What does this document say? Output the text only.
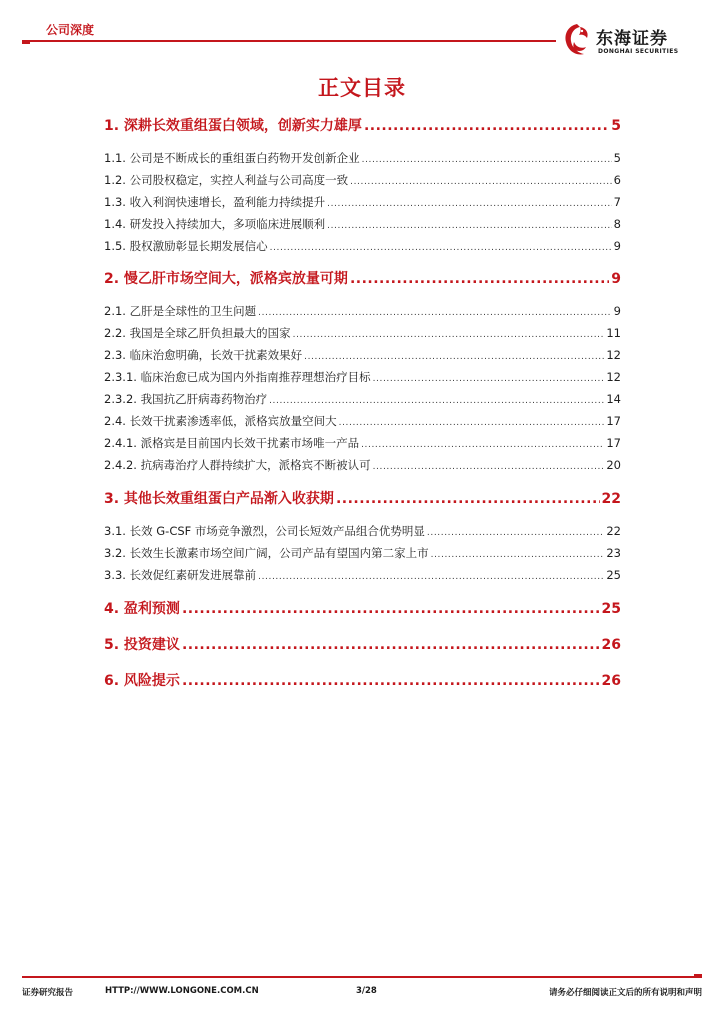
公司深度	东海证券
DONGHAI SECURITIES
正文目录
1. 深耕长效重组蛋白领域，创新实力雄厚 .....	5
1.1. 公司是不断成长的重组蛋白药物开发创新企业 .....	5
1.2. 公司股权稳定，实控人利益与公司高度一致 .....	6
1.3. 收入利润快速增长，盈利能力持续提升 .....	7
1.4. 研发投入持续加大，多项临床进展顺利 .....	8
1.5. 股权激励彰显长期发展信心 .....	9
2. 慢乙肝市场空间大，派格宾放量可期 .....	9
2.1. 乙肝是全球性的卫生问题 .....	9
2.2. 我国是全球乙肝负担最大的国家 .....	11
2.3. 临床治愈明确，长效干扰素效果好 .....	12
2.3.1. 临床治愈已成为国内外指南推荐理想治疗目标 .....	12
2.3.2. 我国抗乙肝病毒药物治疗 .....	14
2.4. 长效干扰素渗透率低，派格宾放量空间大 .....	17
2.4.1. 派格宾是目前国内长效干扰素市场唯一产品 .....	17
2.4.2. 抗病毒治疗人群持续扩大，派格宾不断被认可 .....	20
3. 其他长效重组蛋白产品渐入收获期 .....	22
3.1. 长效 G-CSF 市场竞争激烈，公司长短效产品组合优势明显 .....	22
3.2. 长效生长激素市场空间广阔，公司产品有望国内第二家上市 .....	23
3.3. 长效促红素研发进展靠前 .....	25
4. 盈利预测 .....	25
5. 投资建议 .....	26
6. 风险提示 .....	26
证券研究报告	HTTP://WWW.LONGONE.COM.CN	3/28	请务必仔细阅读正文后的所有说明和声明
